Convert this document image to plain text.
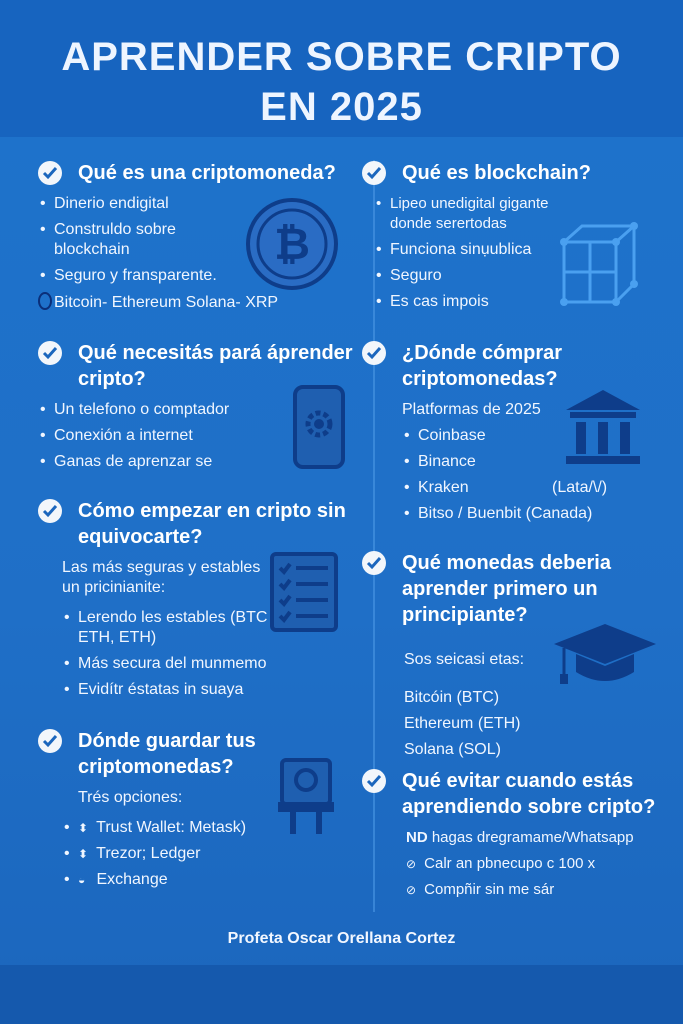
APRENDER SOBRE CRIPTO
EN 2025
Qué es una criptomoneda?
• Dinerio endigital
• Construldo sobre blockchain
• Seguro y fransparente.
Bitcoin- Ethereum Solana- XRP
₿
Qué es blockchain?
• Lipeo unedigital gigante donde serertodas
• Funciona sinụublica
• Seguro
• Es cas impois
Qué necesitás pará áprender cripto?
• Un telefono o comptador
• Conexión a internet
• Ganas de aprenzar se
¿Dónde cómprar criptomonedas?
Platformas de 2025
• Coinbase
• Binance
• Kraken	(Lata/\/)
• Bitso / Buenbit (Canada)
Cómo empezar en cripto sin equivocarte?
Las más seguras y estables un pricinianite:
• Lerendo les estables (BTC ETH, ETH)
• Más secura del munmemo
• Evidítr éstatas in suaya
Qué monedas deberia aprender primero un principiante?
Sos seicasi etas:
Bitcóin (BTC)
Ethereum (ETH)
Solana (SOL)
Dónde guardar tus criptomonedas?
Trés opciones:
• ⬍ Trust Wallet: Metask)
• ⬍ Trezor; Ledger
• ◒ Exchange
Qué evitar cuando estás aprendiendo sobre cripto?
ND hagas dregramame/Whatsapp
⊘ Calr an pbnecupo c 100 x
⊘ Compñir sin me sár
Profeta Oscar Orellana Cortez
